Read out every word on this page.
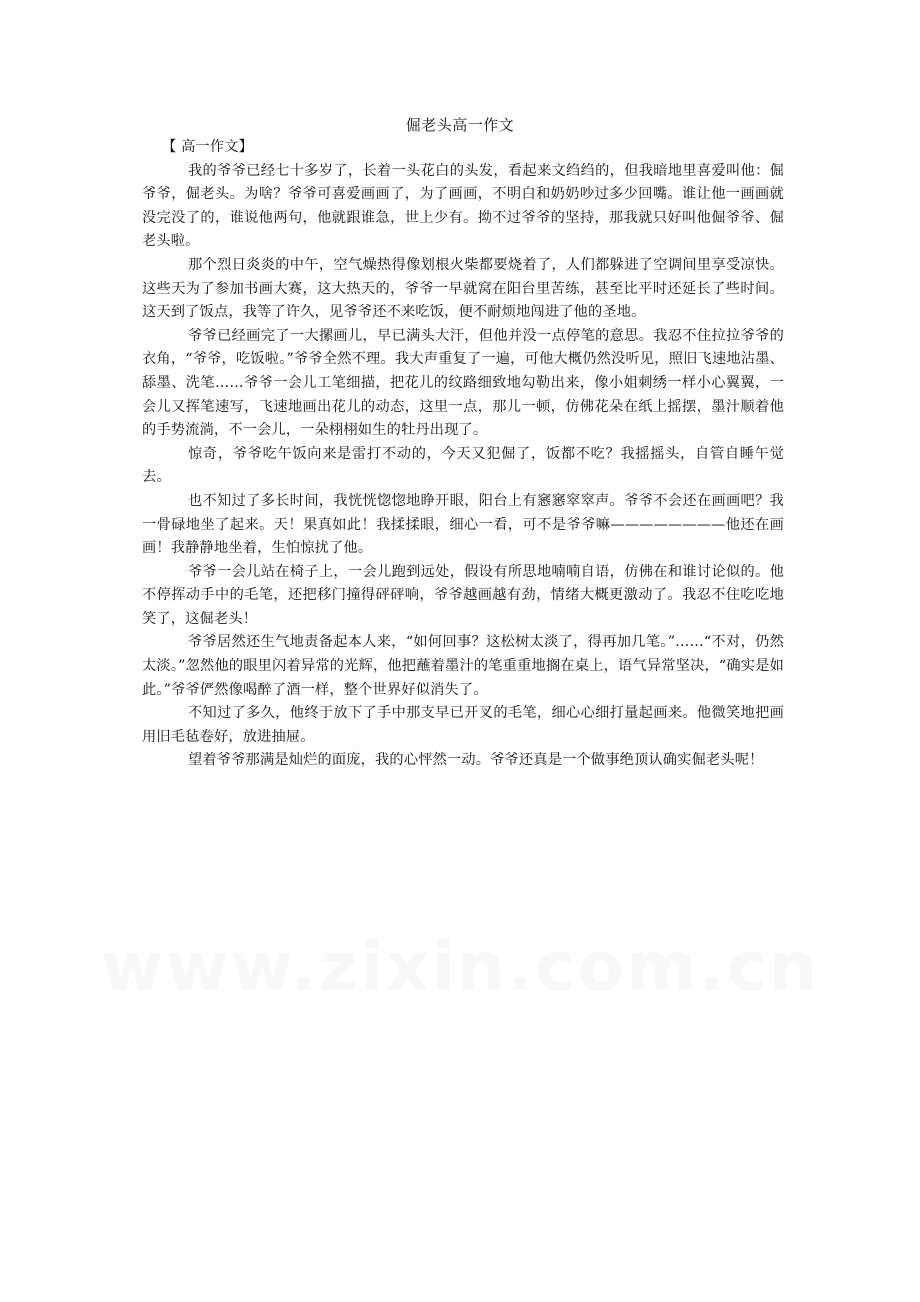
倔老头高一作文

【 高一作文】

我的爷爷已经七十多岁了，长着一头花白的头发，看起来文绉绉的，但我暗地里喜爱叫他：倔爷爷，倔老头。为啥？爷爷可喜爱画画了，为了画画，不明白和奶奶吵过多少回嘴。谁让他一画画就没完没了的，谁说他两句，他就跟谁急，世上少有。拗不过爷爷的坚持，那我就只好叫他倔爷爷、倔老头啦。

那个烈日炎炎的中午，空气燥热得像划根火柴都要烧着了，人们都躲进了空调间里享受凉快。这些天为了参加书画大赛，这大热天的，爷爷一早就窝在阳台里苦练，甚至比平时还延长了些时间。这天到了饭点，我等了许久，见爷爷还不来吃饭，便不耐烦地闯进了他的圣地。

爷爷已经画完了一大摞画儿，早已满头大汗，但他并没一点停笔的意思。我忍不住拉拉爷爷的衣角，“爷爷，吃饭啦。”爷爷全然不理。我大声重复了一遍，可他大概仍然没听见，照旧飞速地沾墨、舔墨、洗笔……爷爷一会儿工笔细描，把花儿的纹路细致地勾勒出来，像小姐刺绣一样小心翼翼，一会儿又挥笔速写，飞速地画出花儿的动态，这里一点，那儿一顿，仿佛花朵在纸上摇摆，墨汁顺着他的手势流淌，不一会儿，一朵栩栩如生的牡丹出现了。

惊奇，爷爷吃午饭向来是雷打不动的，今天又犯倔了，饭都不吃？我摇摇头，自管自睡午觉去。

也不知过了多长时间，我恍恍惚惚地睁开眼，阳台上有窸窸窣窣声。爷爷不会还在画画吧？我一骨碌地坐了起来。天！果真如此！我揉揉眼，细心一看，可不是爷爷嘛————————他还在画画！我静静地坐着，生怕惊扰了他。

爷爷一会儿站在椅子上，一会儿跑到远处，假设有所思地喃喃自语，仿佛在和谁讨论似的。他不停挥动手中的毛笔，还把移门撞得砰砰响，爷爷越画越有劲，情绪大概更激动了。我忍不住吃吃地笑了，这倔老头！

爷爷居然还生气地责备起本人来，“如何回事？这松树太淡了，得再加几笔。”……“不对，仍然太淡。”忽然他的眼里闪着异常的光辉，他把蘸着墨汁的笔重重地搁在桌上，语气异常坚决，“确实是如此。”爷爷俨然像喝醉了酒一样，整个世界好似消失了。

不知过了多久，他终于放下了手中那支早已开叉的毛笔，细心心细打量起画来。他微笑地把画用旧毛毡卷好，放进抽屉。

望着爷爷那满是灿烂的面庞，我的心怦然一动。爷爷还真是一个做事绝顶认确实倔老头呢！

www.zixin.com.cn
